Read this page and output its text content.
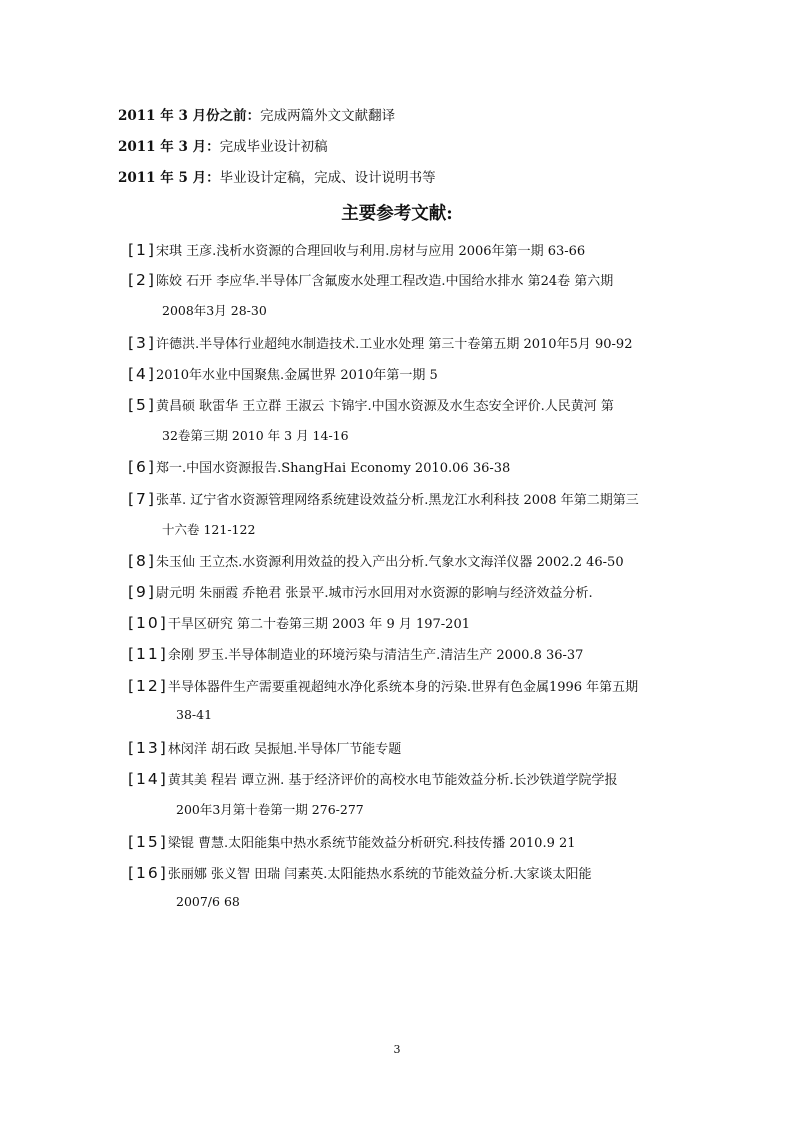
2011 年 3 月份之前：完成两篇外文文献翻译
2011 年 3 月：完成毕业设计初稿
2011 年 5 月：毕业设计定稿，完成、设计说明书等
主要参考文献:
[1]宋琪 王彦.浅析水资源的合理回收与利用.房材与应用 2006年第一期 63-66
[2]陈姣 石开 李应华.半导体厂含氟废水处理工程改造.中国给水排水 第24卷 第六期
2008年3月 28-30
[3]许德洪.半导体行业超纯水制造技术.工业水处理 第三十卷第五期 2010年5月 90-92
[4]2010年水业中国聚焦.金属世界 2010年第一期 5
[5]黄昌硕 耿雷华 王立群 王淑云 卞锦宇.中国水资源及水生态安全评价.人民黄河 第
32卷第三期 2010 年 3 月 14-16
[6]郑一.中国水资源报告.ShangHai Economy 2010.06 36-38
[7]张革. 辽宁省水资源管理网络系统建设效益分析.黑龙江水利科技 2008 年第二期第三
十六卷 121-122
[8]朱玉仙 王立杰.水资源利用效益的投入产出分析.气象水文海洋仪器 2002.2 46-50
[9]尉元明 朱丽霞 乔艳君 张景平.城市污水回用对水资源的影响与经济效益分析.
[10]干旱区研究 第二十卷第三期 2003 年 9 月 197-201
[11]余刚 罗玉.半导体制造业的环境污染与清洁生产.清洁生产 2000.8 36-37
[12]半导体器件生产需要重视超纯水净化系统本身的污染.世界有色金属1996 年第五期
38-41
[13]林闵洋 胡石政 吴振旭.半导体厂节能专题
[14]黄其美 程岩 谭立洲. 基于经济评价的高校水电节能效益分析.长沙铁道学院学报
200年3月第十卷第一期 276-277
[15]梁锟 曹慧.太阳能集中热水系统节能效益分析研究.科技传播 2010.9 21
[16]张丽娜 张义智 田瑞 闫素英.太阳能热水系统的节能效益分析.大家谈太阳能
2007/6 68
3
